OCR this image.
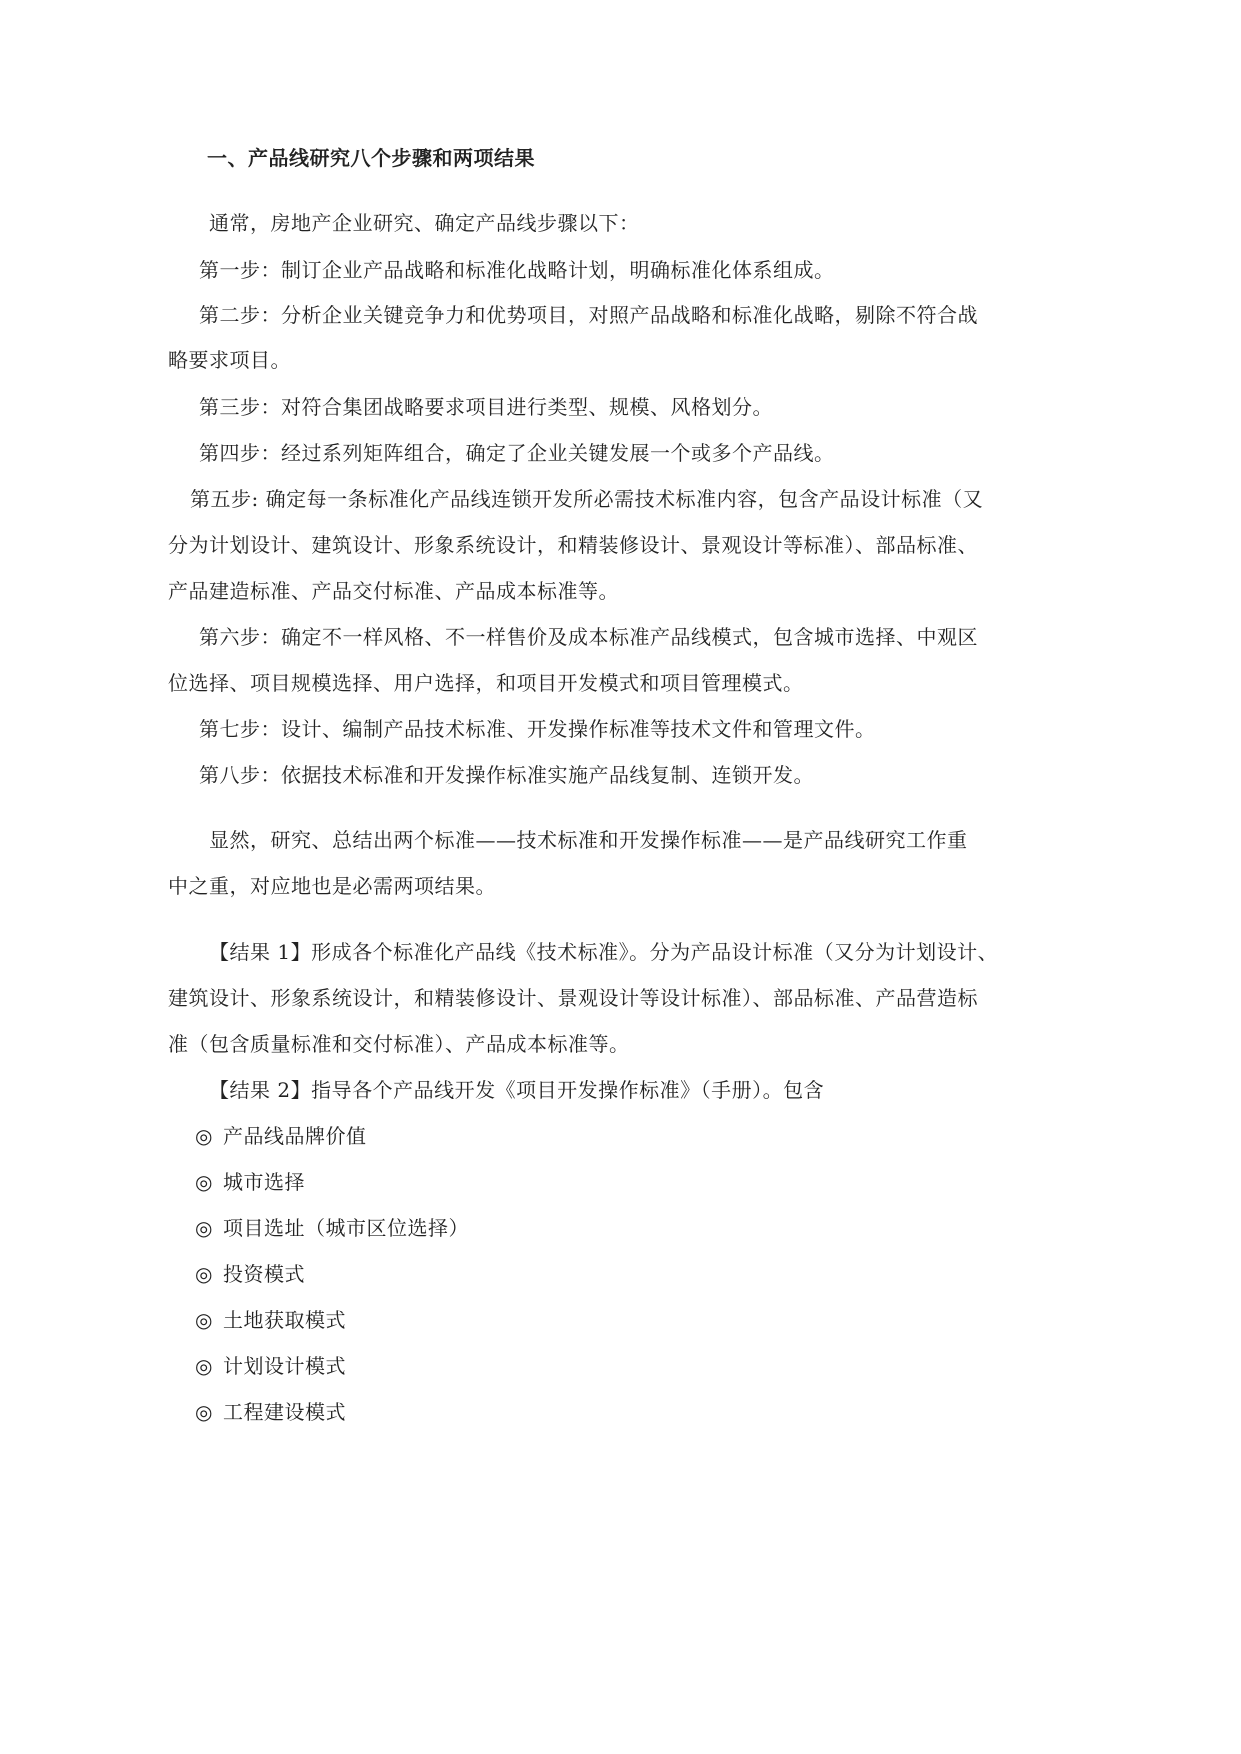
一、产品线研究八个步骤和两项结果
通常，房地产企业研究、确定产品线步骤以下：
第一步：制订企业产品战略和标准化战略计划，明确标准化体系组成。
第二步：分析企业关键竞争力和优势项目，对照产品战略和标准化战略，剔除不符合战
略要求项目。
第三步：对符合集团战略要求项目进行类型、规模、风格划分。
第四步：经过系列矩阵组合，确定了企业关键发展一个或多个产品线。
第五步: 确定每一条标准化产品线连锁开发所必需技术标准内容，包含产品设计标准（又
分为计划设计、建筑设计、形象系统设计，和精装修设计、景观设计等标准）、部品标准、
产品建造标准、产品交付标准、产品成本标准等。
第六步：确定不一样风格、不一样售价及成本标准产品线模式，包含城市选择、中观区
位选择、项目规模选择、用户选择，和项目开发模式和项目管理模式。
第七步：设计、编制产品技术标准、开发操作标准等技术文件和管理文件。
第八步：依据技术标准和开发操作标准实施产品线复制、连锁开发。
显然，研究、总结出两个标准——技术标准和开发操作标准——是产品线研究工作重
中之重，对应地也是必需两项结果。
【结果 1】形成各个标准化产品线《技术标准》。分为产品设计标准（又分为计划设计、
建筑设计、形象系统设计，和精装修设计、景观设计等设计标准）、部品标准、产品营造标
准（包含质量标准和交付标准）、产品成本标准等。
【结果 2】指导各个产品线开发《项目开发操作标准》（手册）。包含
◎ 产品线品牌价值
◎ 城市选择
◎ 项目选址（城市区位选择）
◎ 投资模式
◎ 土地获取模式
◎ 计划设计模式
◎ 工程建设模式
